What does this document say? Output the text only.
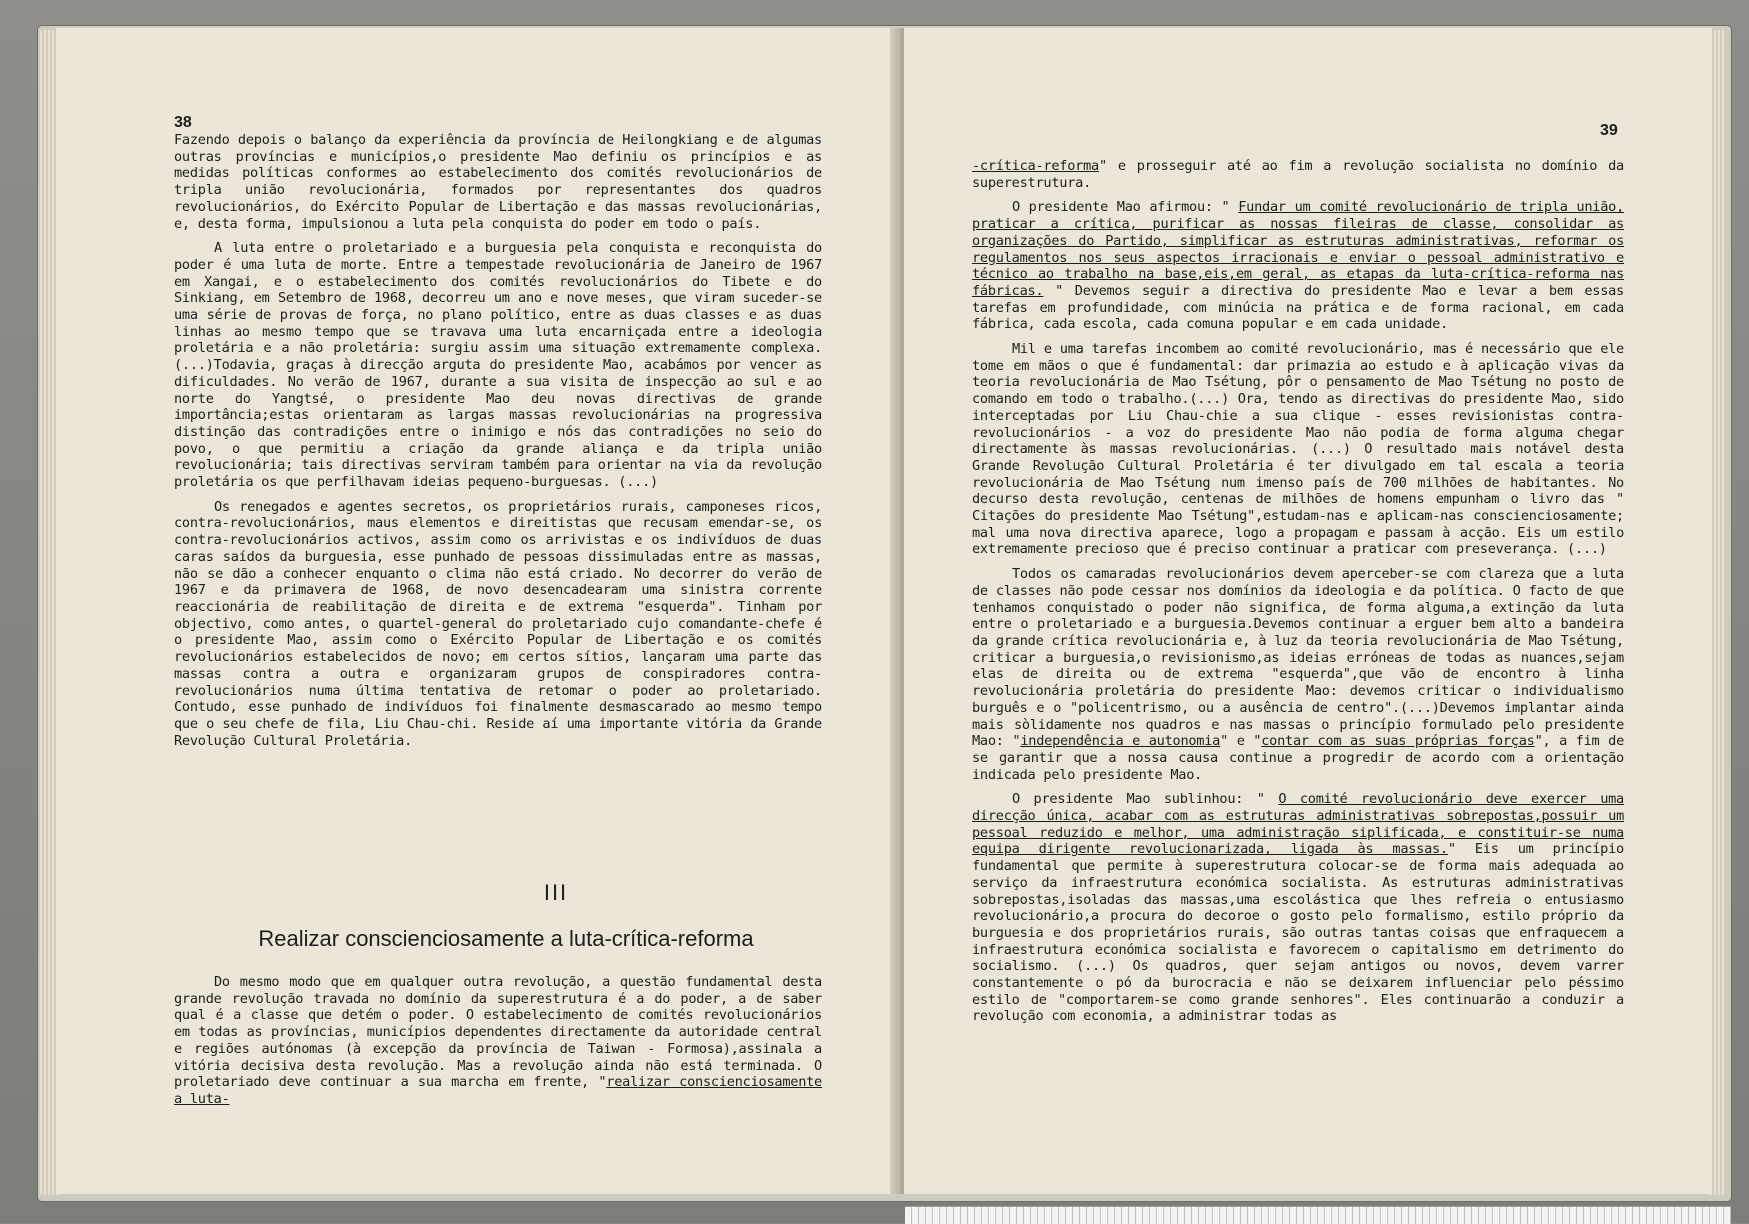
38

Fazendo depois o balanço da experiência da província de Heilongkiang e de algumas outras províncias e municípios,o presidente Mao definiu os princípios e as medidas políticas conformes ao estabelecimento dos comités revolucionários de tripla união revolucionária, formados por representantes dos quadros revolucionários, do Exército Popular de Libertação e das massas revolucionárias, e, desta forma, impulsionou a luta pela conquista do poder em todo o país.

A luta entre o proletariado e a burguesia pela conquista e reconquista do poder é uma luta de morte. Entre a tempestade revolucionária de Janeiro de 1967 em Xangai, e o estabelecimento dos comités revolucionários do Tibete e do Sinkiang, em Setembro de 1968, decorreu um ano e nove meses, que viram suceder-se uma série de provas de força, no plano político, entre as duas classes e as duas linhas ao mesmo tempo que se travava uma luta encarniçada entre a ideologia proletária e a não proletária: surgiu assim uma situação extremamente complexa. (...)Todavia, graças à direcção arguta do presidente Mao, acabámos por vencer as dificuldades. No verão de 1967, durante a sua visita de inspecção ao sul e ao norte do Yangtsé, o presidente Mao deu novas directivas de grande importância;estas orientaram as largas massas revolucionárias na progressiva distinção das contradições entre o inimigo e nós das contradições no seio do povo, o que permitiu a criação da grande aliança e da tripla união revolucionária; tais directivas serviram também para orientar na via da revolução proletária os que perfilhavam ideias pequeno-burguesas. (...)

Os renegados e agentes secretos, os proprietários rurais, camponeses ricos, contra-revolucionários, maus elementos e direitistas que recusam emendar-se, os contra-revolucionários activos, assim como os arrivistas e os indivíduos de duas caras saídos da burguesia, esse punhado de pessoas dissimuladas entre as massas, não se dão a conhecer enquanto o clima não está criado. No decorrer do verão de 1967 e da primavera de 1968, de novo desencadearam uma sinistra corrente reaccionária de reabilitação de direita e de extrema "esquerda". Tinham por objectivo, como antes, o quartel-general do proletariado cujo comandante-chefe é o presidente Mao, assim como o Exército Popular de Libertação e os comités revolucionários estabelecidos de novo; em certos sítios, lançaram uma parte das massas contra a outra e organizaram grupos de conspiradores contra-revolucionários numa última tentativa de retomar o poder ao proletariado. Contudo, esse punhado de indivíduos foi finalmente desmascarado ao mesmo tempo que o seu chefe de fila, Liu Chau-chi. Reside aí uma importante vitória da Grande Revolução Cultural Proletária.

III
Realizar conscienciosamente a luta-crítica-reforma

Do mesmo modo que em qualquer outra revolução, a questão fundamental desta grande revolução travada no domínio da superestrutura é a do poder, a de saber qual é a classe que detém o poder. O estabelecimento de comités revolucionários em todas as províncias, municípios dependentes directamente da autoridade central e regiões autónomas (à excepção da província de Taiwan - Formosa),assinala a vitória decisiva desta revolução. Mas a revolução ainda não está terminada. O proletariado deve continuar a sua marcha em frente, "realizar conscienciosamente a luta-

39

-crítica-reforma" e prosseguir até ao fim a revolução socialista no domínio da superestrutura.

O presidente Mao afirmou: " Fundar um comité revolucionário de tripla união, praticar a crítica, purificar as nossas fileiras de classe, consolidar as organizações do Partido, simplificar as estruturas administrativas, reformar os regulamentos nos seus aspectos irracionais e enviar o pessoal administrativo e técnico ao trabalho na base,eis,em geral, as etapas da luta-crítica-reforma nas fábricas. " Devemos seguir a directiva do presidente Mao e levar a bem essas tarefas em profundidade, com minúcia na prática e de forma racional, em cada fábrica, cada escola, cada comuna popular e em cada unidade.

Mil e uma tarefas incombem ao comité revolucionário, mas é necessário que ele tome em mãos o que é fundamental: dar primazia ao estudo e à aplicação vivas da teoria revolucionária de Mao Tsétung, pôr o pensamento de Mao Tsétung no posto de comando em todo o trabalho.(...) Ora, tendo as directivas do presidente Mao, sido interceptadas por Liu Chau-chie a sua clique - esses revisionistas contra-revolucionários - a voz do presidente Mao não podia de forma alguma chegar directamente às massas revolucionárias. (...) O resultado mais notável desta Grande Revolução Cultural Proletária é ter divulgado em tal escala a teoria revolucionária de Mao Tsétung num imenso país de 700 milhões de habitantes. No decurso desta revolução, centenas de milhões de homens empunham o livro das " Citações do presidente Mao Tsétung",estudam-nas e aplicam-nas conscienciosamente; mal uma nova directiva aparece, logo a propagam e passam à acção. Eis um estilo extremamente precioso que é preciso continuar a praticar com preseverança. (...)

Todos os camaradas revolucionários devem aperceber-se com clareza que a luta de classes não pode cessar nos domínios da ideologia e da política. O facto de que tenhamos conquistado o poder não significa, de forma alguma,a extinção da luta entre o proletariado e a burguesia.Devemos continuar a erguer bem alto a bandeira da grande crítica revolucionária e, à luz da teoria revolucionária de Mao Tsétung, criticar a burguesia,o revisionismo,as ideias erróneas de todas as nuances,sejam elas de direita ou de extrema "esquerda",que vão de encontro à linha revolucionária proletária do presidente Mao: devemos criticar o individualismo burguês e o "policentrismo, ou a ausência de centro".(...)Devemos implantar ainda mais sòlidamente nos quadros e nas massas o princípio formulado pelo presidente Mao: "independência e autonomia" e "contar com as suas próprias forças", a fim de se garantir que a nossa causa continue a progredir de acordo com a orientação indicada pelo presidente Mao.

O presidente Mao sublinhou: " O comité revolucionário deve exercer uma direcção única, acabar com as estruturas administrativas sobrepostas,possuir um pessoal reduzido e melhor, uma administração siplificada, e constituir-se numa equipa dirigente revolucionarizada, ligada às massas." Eis um princípio fundamental que permite à superestrutura colocar-se de forma mais adequada ao serviço da infraestrutura económica socialista. As estruturas administrativas sobrepostas,isoladas das massas,uma escolástica que lhes refreia o entusiasmo revolucionário,a procura do decoroe o gosto pelo formalismo, estilo próprio da burguesia e dos proprietários rurais, são outras tantas coisas que enfraquecem a infraestrutura económica socialista e favorecem o capitalismo em detrimento do socialismo. (...) Os quadros, quer sejam antigos ou novos, devem varrer constantemente o pó da burocracia e não se deixarem influenciar pelo péssimo estilo de "comportarem-se como grande senhores". Eles continuarão a conduzir a revolução com economia, a administrar todas as
